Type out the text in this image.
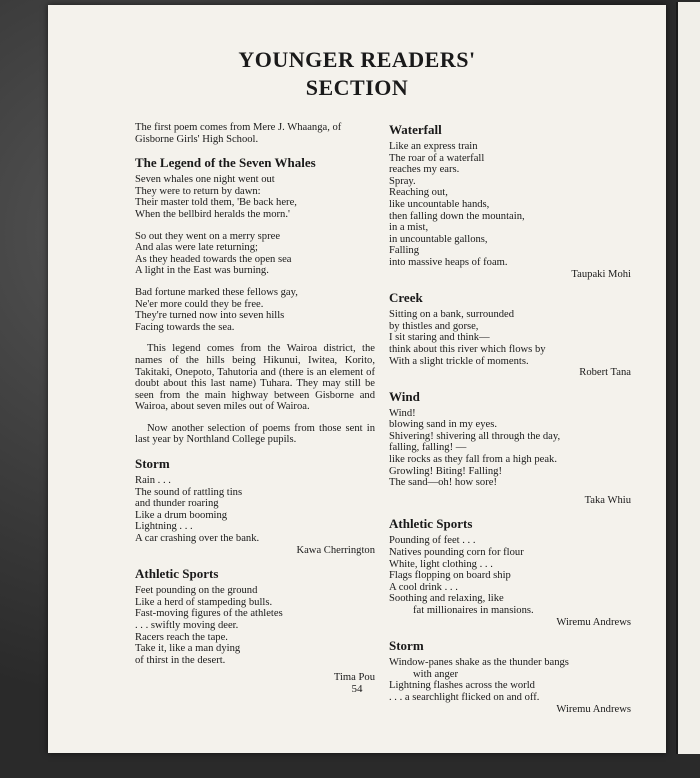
YOUNGER READERS'
SECTION

The first poem comes from Mere J. Whaanga, of Gisborne Girls' High School.

The Legend of the Seven Whales

Seven whales one night went out
They were to return by dawn:
Their master told them, 'Be back here,
When the bellbird heralds the morn.'

So out they went on a merry spree
And alas were late returning;
As they headed towards the open sea
A light in the East was burning.

Bad fortune marked these fellows gay,
Ne'er more could they be free.
They're turned now into seven hills
Facing towards the sea.

This legend comes from the Wairoa district, the names of the hills being Hikunui, Iwitea, Korito, Takitaki, Onepoto, Tahutoria and (there is an element of doubt about this last name) Tuhara. They may still be seen from the main highway between Gisborne and Wairoa, about seven miles out of Wairoa.

Now another selection of poems from those sent in last year by Northland College pupils.

Storm

Rain . . .
The sound of rattling tins
and thunder roaring
Like a drum booming
Lightning . . .
A car crashing over the bank.

Kawa Cherrington

Athletic Sports

Feet pounding on the ground
Like a herd of stampeding bulls.
Fast-moving figures of the athletes
. . . swiftly moving deer.
Racers reach the tape.
Take it, like a man dying
of thirst in the desert.

Tima Pou

Waterfall

Like an express train
The roar of a waterfall
reaches my ears.
Spray.
Reaching out,
like uncountable hands,
then falling down the mountain,
in a mist,
in uncountable gallons,
Falling
into massive heaps of foam.

Taupaki Mohi

Creek

Sitting on a bank, surrounded
by thistles and gorse,
I sit staring and think—
think about this river which flows by
With a slight trickle of moments.

Robert Tana

Wind

Wind!
blowing sand in my eyes.
Shivering! shivering all through the day,
falling, falling! —
like rocks as they fall from a high peak.
Growling! Biting! Falling!
The sand—oh! how sore!

Taka Whiu

Athletic Sports

Pounding of feet . . .
Natives pounding corn for flour
White, light clothing . . .
Flags flopping on board ship
A cool drink . . .
Soothing and relaxing, like
fat millionaires in mansions.

Wiremu Andrews

Storm

Window-panes shake as the thunder bangs
with anger
Lightning flashes across the world
. . . a searchlight flicked on and off.

Wiremu Andrews

54
